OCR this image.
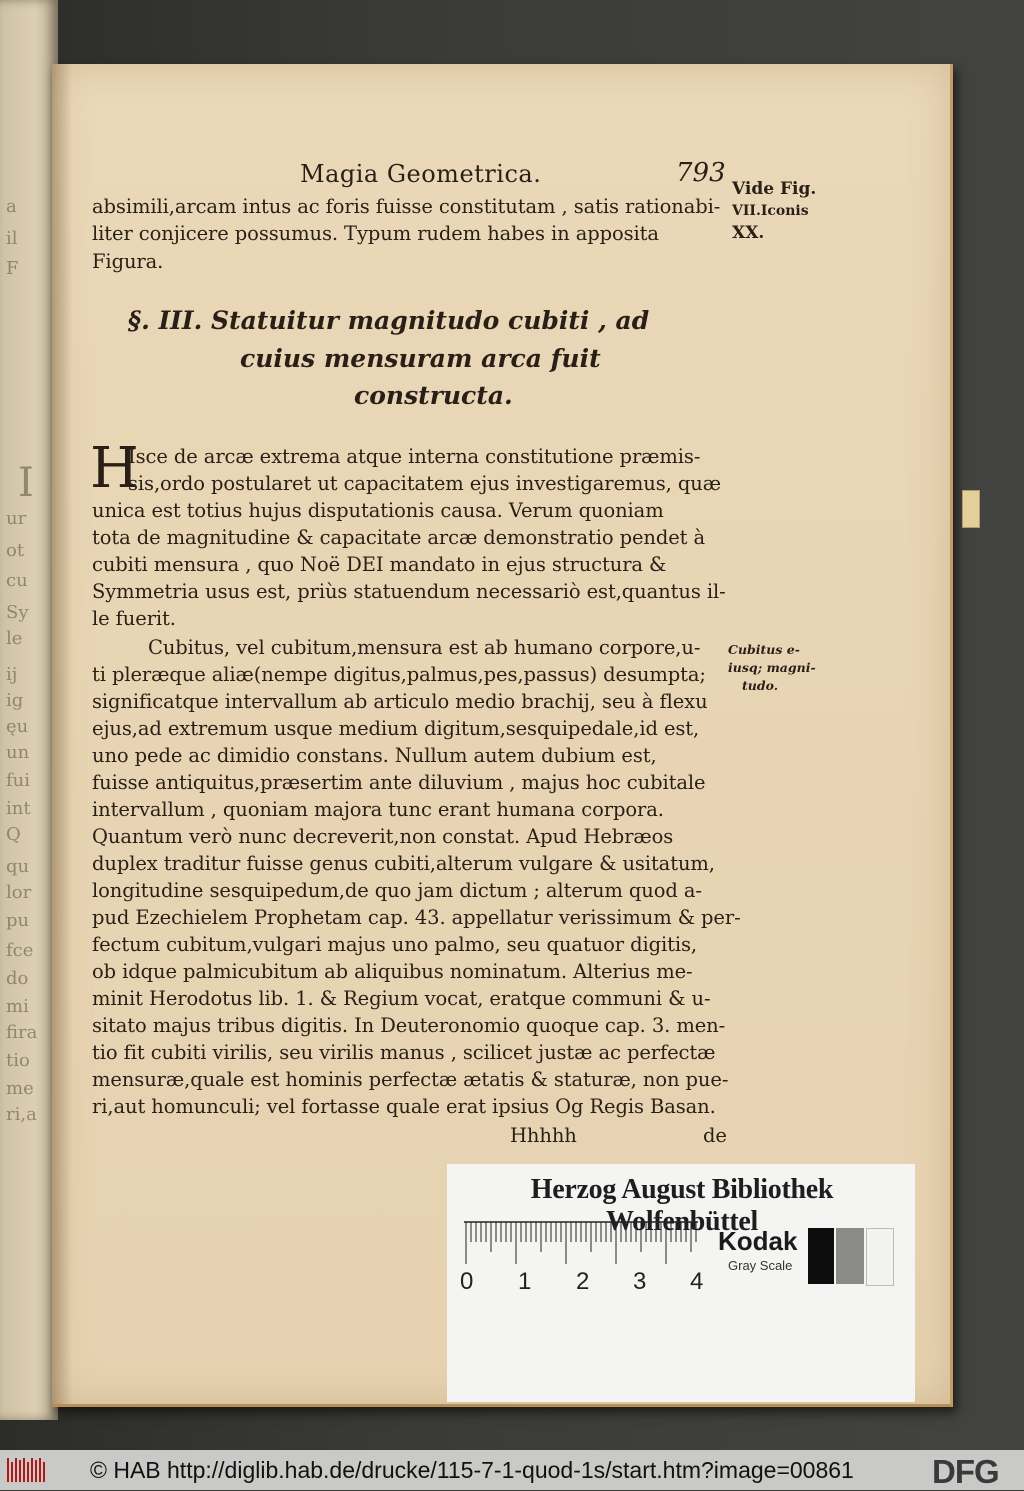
a
il
F
I
ur
ot
cu
Sy
le
ij
ig
ęu
un
fui
int
Q
qu
lor
pu
fce
do
mi
fira
tio
me
ri,a
Magia Geometrica.	793
Vide Fig.
VII.Iconis
XX.
absimili,arcam intus ac foris fuisse constitutam , satis rationabi-
liter conjicere possumus. Typum rudem habes in apposita
Figura.
§. III. Statuitur magnitudo cubiti , ad
cuius mensuram arca fuit
constructa.
H
Isce de arcæ extrema atque interna constitutione præmis-
sis,ordo postularet ut capacitatem ejus investigaremus, quæ
unica est totius hujus disputationis causa. Verum quoniam
tota de magnitudine & capacitate arcæ demonstratio pendet à
cubiti mensura , quo Noë DEI mandato in ejus structura &
Symmetria usus est, priùs statuendum necessariò est,quantus il-
le fuerit.
Cubitus, vel cubitum,mensura est ab humano corpore,u-
ti pleræque aliæ(nempe digitus,palmus,pes,passus) desumpta;
significatque intervallum ab articulo medio brachij, seu à flexu
ejus,ad extremum usque medium digitum,sesquipedale,id est,
uno pede ac dimidio constans. Nullum autem dubium est,
fuisse antiquitus,præsertim ante diluvium , majus hoc cubitale
intervallum , quoniam majora tunc erant humana corpora.
Quantum verò nunc decreverit,non constat. Apud Hebræos
duplex traditur fuisse genus cubiti,alterum vulgare & usitatum,
longitudine sesquipedum,de quo jam dictum ; alterum quod a-
pud Ezechielem Prophetam cap. 43. appellatur verissimum & per-
fectum cubitum,vulgari majus uno palmo, seu quatuor digitis,
ob idque palmicubitum ab aliquibus nominatum. Alterius me-
minit Herodotus lib. 1. & Regium vocat, eratque communi & u-
sitato majus tribus digitis. In Deuteronomio quoque cap. 3. men-
tio fit cubiti virilis, seu virilis manus , scilicet justæ ac perfectæ
mensuræ,quale est hominis perfectæ ætatis & staturæ, non pue-
ri,aut homunculi; vel fortasse quale erat ipsius Og Regis Basan.
Hhhhh	de
Cubitus e-
iusq; magni-
tudo.
Herzog August Bibliothek Wolfenbüttel
0 1 2 3 4
Kodak
Gray Scale
© HAB http://diglib.hab.de/drucke/115-7-1-quod-1s/start.htm?image=00861 DFG
